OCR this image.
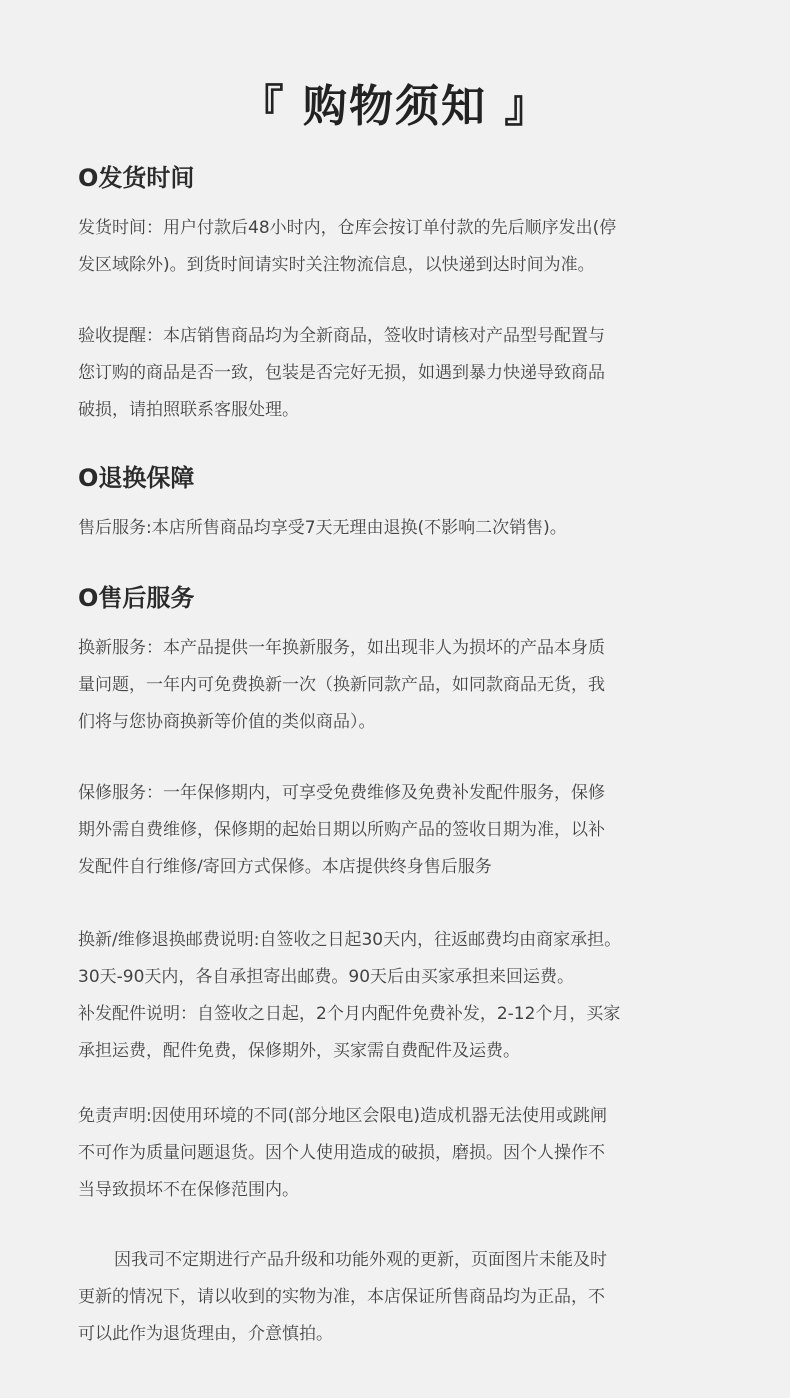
『 购物须知 』
O发货时间
发货时间：用户付款后48小时内，仓库会按订单付款的先后顺序发出(停
发区域除外)。到货时间请实时关注物流信息，以快递到达时间为准。
验收提醒：本店销售商品均为全新商品，签收时请核对产品型号配置与
您订购的商品是否一致，包装是否完好无损，如遇到暴力快递导致商品
破损，请拍照联系客服处理。
O退换保障
售后服务:本店所售商品均享受7天无理由退换(不影响二次销售)。
O售后服务
换新服务：本产品提供一年换新服务，如出现非人为损坏的产品本身质
量问题，一年内可免费换新一次（换新同款产品，如同款商品无货，我
们将与您协商换新等价值的类似商品）。
保修服务：一年保修期内，可享受免费维修及免费补发配件服务，保修
期外需自费维修，保修期的起始日期以所购产品的签收日期为准，以补
发配件自行维修/寄回方式保修。本店提供终身售后服务
换新/维修退换邮费说明:自签收之日起30天内，往返邮费均由商家承担。
30天-90天内，各自承担寄出邮费。90天后由买家承担来回运费。
补发配件说明：自签收之日起，2个月内配件免费补发，2-12个月，买家
承担运费，配件免费，保修期外，买家需自费配件及运费。
免责声明:因使用环境的不同(部分地区会限电)造成机器无法使用或跳闸
不可作为质量问题退货。因个人使用造成的破损，磨损。因个人操作不
当导致损坏不在保修范围内。
因我司不定期进行产品升级和功能外观的更新，页面图片未能及时
更新的情况下，请以收到的实物为准，本店保证所售商品均为正品，不
可以此作为退货理由，介意慎拍。
